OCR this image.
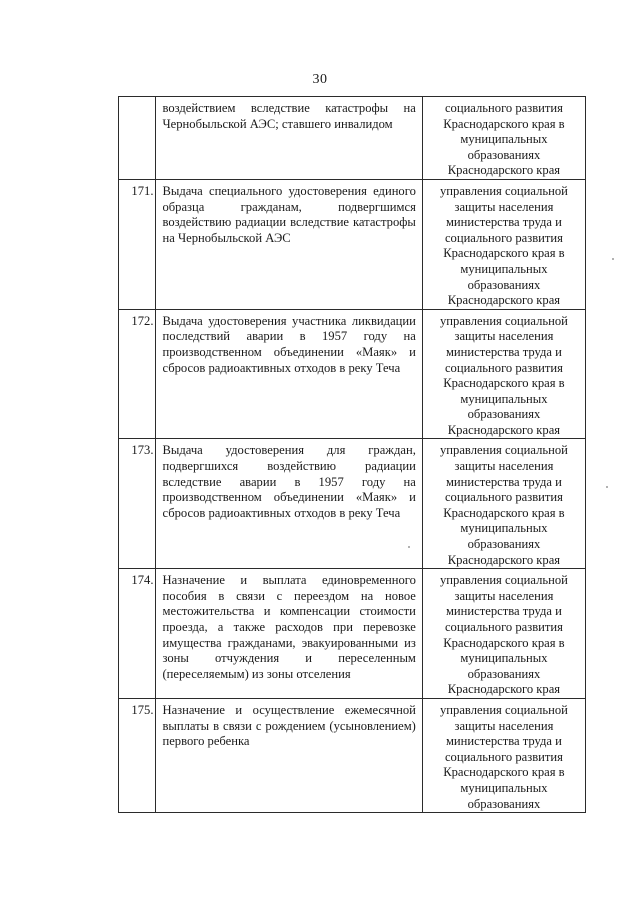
30

	воздействием вследствие катастрофы на Чернобыльской АЭС; ставшего инвалидом	социального развития Краснодарского края в муниципальных образованиях Краснодарского края

171.	Выдача специального удостоверения единого образца гражданам, подвергшимся воздействию радиации вследствие катастрофы на Чернобыльской АЭС	управления социальной защиты населения министерства труда и социального развития Краснодарского края в муниципальных образованиях Краснодарского края

172.	Выдача удостоверения участника ликвидации последствий аварии в 1957 году на производственном объединении «Маяк» и сбросов радиоактивных отходов в реку Теча	управления социальной защиты населения министерства труда и социального развития Краснодарского края в муниципальных образованиях Краснодарского края

173.	Выдача удостоверения для граждан, подвергшихся воздействию радиации вследствие аварии в 1957 году на производственном объединении «Маяк» и сбросов радиоактивных отходов в реку Теча	управления социальной защиты населения министерства труда и социального развития Краснодарского края в муниципальных образованиях Краснодарского края

174.	Назначение и выплата единовременного пособия в связи с переездом на новое местожительства и компенсации стоимости проезда, а также расходов при перевозке имущества гражданами, эвакуированными из зоны отчуждения и переселенным (переселяемым) из зоны отселения	управления социальной защиты населения министерства труда и социального развития Краснодарского края в муниципальных образованиях Краснодарского края

175.	Назначение и осуществление ежемесячной выплаты в связи с рождением (усыновлением) первого ребенка	управления социальной защиты населения министерства труда и социального развития Краснодарского края в муниципальных образованиях
